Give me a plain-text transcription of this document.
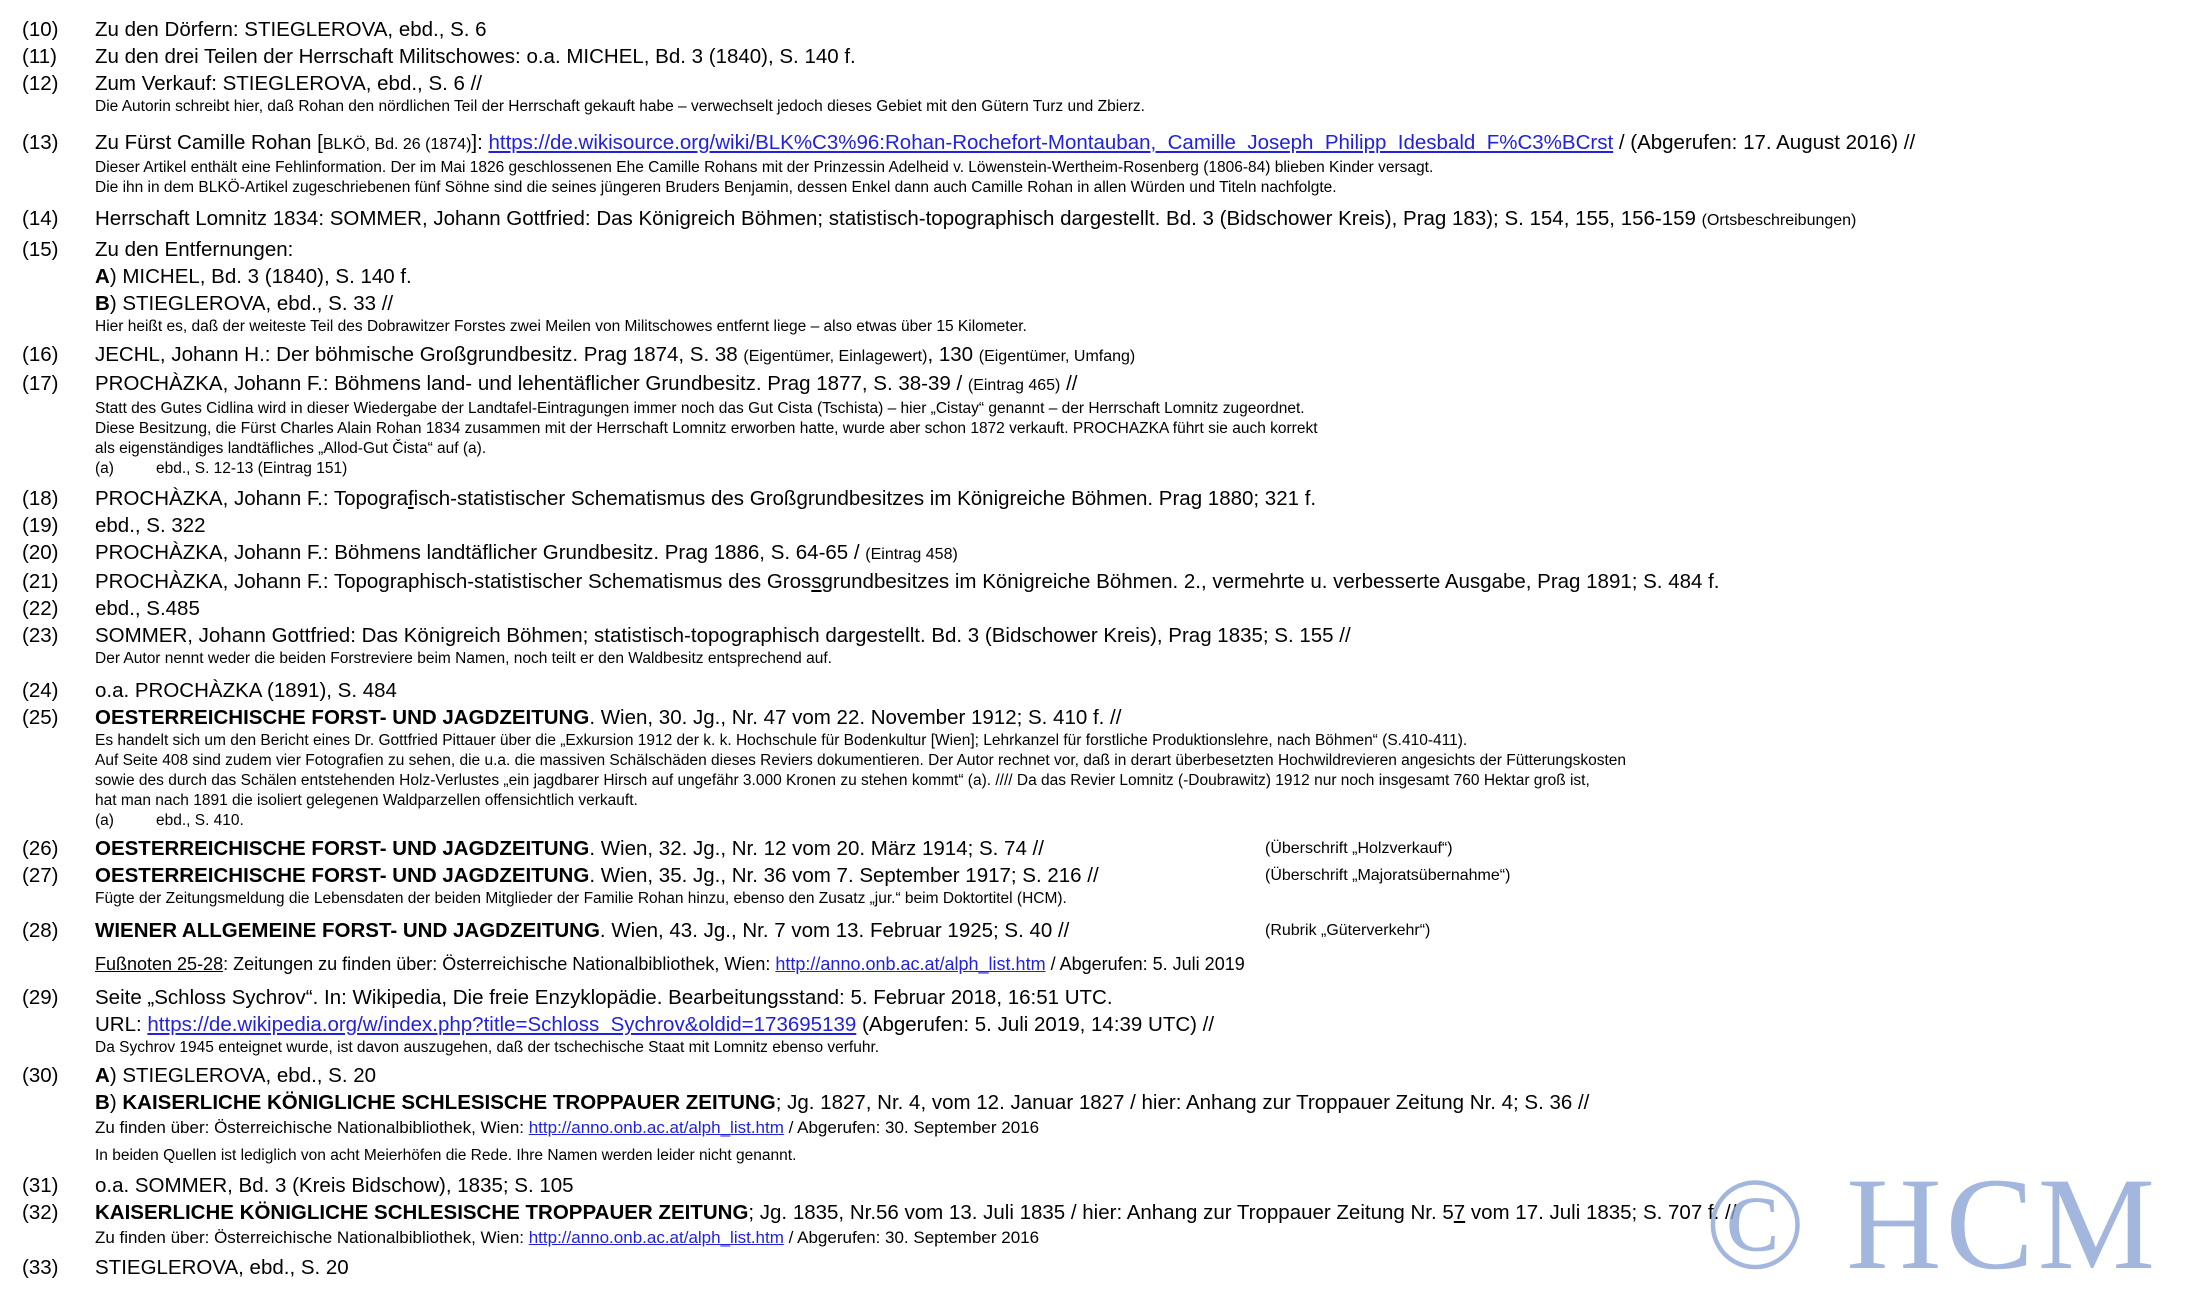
(10) Zu den Dörfern: STIEGLEROVA, ebd., S. 6
(11) Zu den drei Teilen der Herrschaft Militschowes: o.a. MICHEL, Bd. 3 (1840), S. 140 f.
(12) Zum Verkauf: STIEGLEROVA, ebd., S. 6 //
Die Autorin schreibt hier, daß Rohan den nördlichen Teil der Herrschaft gekauft habe – verwechselt jedoch dieses Gebiet mit den Gütern Turz und Zbierz.
(13) Zu Fürst Camille Rohan [BLKÖ, Bd. 26 (1874)]: https://de.wikisource.org/wiki/BLK%C3%96:Rohan-Rochefort-Montauban,_Camille_Joseph_Philipp_Idesbald_F%C3%BCrst / (Abgerufen: 17. August 2016) //
Dieser Artikel enthält eine Fehlinformation. Der im Mai 1826 geschlossenen Ehe Camille Rohans mit der Prinzessin Adelheid v. Löwenstein-Wertheim-Rosenberg (1806-84) blieben Kinder versagt.
Die ihn in dem BLKÖ-Artikel zugeschriebenen fünf Söhne sind die seines jüngeren Bruders Benjamin, dessen Enkel dann auch Camille Rohan in allen Würden und Titeln nachfolgte.
(14) Herrschaft Lomnitz 1834: SOMMER, Johann Gottfried: Das Königreich Böhmen; statistisch-topographisch dargestellt. Bd. 3 (Bidschower Kreis), Prag 183); S. 154, 155, 156-159 (Ortsbeschreibungen)
(15) Zu den Entfernungen:
A) MICHEL, Bd. 3 (1840), S. 140 f.
B) STIEGLEROVA, ebd., S. 33 //
Hier heißt es, daß der weiteste Teil des Dobrawitzer Forstes zwei Meilen von Militschowes entfernt liege – also etwas über 15 Kilometer.
(16) JECHL, Johann H.: Der böhmische Großgrundbesitz. Prag 1874, S. 38 (Eigentümer, Einlagewert), 130 (Eigentümer, Umfang)
(17) PROCHÀZKA, Johann F.: Böhmens land- und lehentäflicher Grundbesitz. Prag 1877, S. 38-39 / (Eintrag 465) //
Statt des Gutes Cidlina wird in dieser Wiedergabe der Landtafel-Eintragungen immer noch das Gut Cista (Tschista) – hier „Cistay“ genannt – der Herrschaft Lomnitz zugeordnet.
Diese Besitzung, die Fürst Charles Alain Rohan 1834 zusammen mit der Herrschaft Lomnitz erworben hatte, wurde aber schon 1872 verkauft. PROCHAZKA führt sie auch korrekt
als eigenständiges landtäfliches „Allod-Gut Čista“ auf (a).
(a)	ebd., S. 12-13 (Eintrag 151)
(18) PROCHÀZKA, Johann F.: Topografisch-statistischer Schematismus des Großgrundbesitzes im Königreiche Böhmen. Prag 1880; 321 f.
(19) ebd., S. 322
(20) PROCHÀZKA, Johann F.: Böhmens landtäflicher Grundbesitz. Prag 1886, S. 64-65 / (Eintrag 458)
(21) PROCHÀZKA, Johann F.: Topographisch-statistischer Schematismus des Grossgrundbesitzes im Königreiche Böhmen. 2., vermehrte u. verbesserte Ausgabe, Prag 1891; S. 484 f.
(22) ebd., S.485
(23) SOMMER, Johann Gottfried: Das Königreich Böhmen; statistisch-topographisch dargestellt. Bd. 3 (Bidschower Kreis), Prag 1835; S. 155 //
Der Autor nennt weder die beiden Forstreviere beim Namen, noch teilt er den Waldbesitz entsprechend auf.
(24) o.a. PROCHÀZKA (1891), S. 484
(25) OESTERREICHISCHE FORST- UND JAGDZEITUNG. Wien, 30. Jg., Nr. 47 vom 22. November 1912; S. 410 f. //
Es handelt sich um den Bericht eines Dr. Gottfried Pittauer über die „Exkursion 1912 der k. k. Hochschule für Bodenkultur [Wien]; Lehrkanzel für forstliche Produktionslehre, nach Böhmen“ (S.410-411).
Auf Seite 408 sind zudem vier Fotografien zu sehen, die u.a. die massiven Schälschäden dieses Reviers dokumentieren. Der Autor rechnet vor, daß in derart überbesetzten Hochwildrevieren angesichts der Fütterungskosten
sowie des durch das Schälen entstehenden Holz-Verlustes „ein jagdbarer Hirsch auf ungefähr 3.000 Kronen zu stehen kommt“ (a). //// Da das Revier Lomnitz (-Doubrawitz) 1912 nur noch insgesamt 760 Hektar groß ist,
hat man nach 1891 die isoliert gelegenen Waldparzellen offensichtlich verkauft.
(a)	ebd., S. 410.
(26) OESTERREICHISCHE FORST- UND JAGDZEITUNG. Wien, 32. Jg., Nr. 12 vom 20. März 1914; S. 74 //	(Überschrift „Holzverkauf“)
(27) OESTERREICHISCHE FORST- UND JAGDZEITUNG. Wien, 35. Jg., Nr. 36 vom 7. September 1917; S. 216 //	(Überschrift „Majoratsübernahme“)
Fügte der Zeitungsmeldung die Lebensdaten der beiden Mitglieder der Familie Rohan hinzu, ebenso den Zusatz „jur.“ beim Doktortitel (HCM).
(28) WIENER ALLGEMEINE FORST- UND JAGDZEITUNG. Wien, 43. Jg., Nr. 7 vom 13. Februar 1925; S. 40 //	(Rubrik „Güterverkehr“)
Fußnoten 25-28: Zeitungen zu finden über: Österreichische Nationalbibliothek, Wien: http://anno.onb.ac.at/alph_list.htm / Abgerufen: 5. Juli 2019
(29) Seite „Schloss Sychrov“. In: Wikipedia, Die freie Enzyklopädie. Bearbeitungsstand: 5. Februar 2018, 16:51 UTC.
URL: https://de.wikipedia.org/w/index.php?title=Schloss_Sychrov&oldid=173695139 (Abgerufen: 5. Juli 2019, 14:39 UTC) //
Da Sychrov 1945 enteignet wurde, ist davon auszugehen, daß der tschechische Staat mit Lomnitz ebenso verfuhr.
(30) A) STIEGLEROVA, ebd., S. 20
B) KAISERLICHE KÖNIGLICHE SCHLESISCHE TROPPAUER ZEITUNG; Jg. 1827, Nr. 4, vom 12. Januar 1827 / hier: Anhang zur Troppauer Zeitung Nr. 4; S. 36 //
Zu finden über: Österreichische Nationalbibliothek, Wien: http://anno.onb.ac.at/alph_list.htm / Abgerufen: 30. September 2016
In beiden Quellen ist lediglich von acht Meierhöfen die Rede. Ihre Namen werden leider nicht genannt.
(31) o.a. SOMMER, Bd. 3 (Kreis Bidschow), 1835; S. 105
(32) KAISERLICHE KÖNIGLICHE SCHLESISCHE TROPPAUER ZEITUNG; Jg. 1835, Nr.56 vom 13. Juli 1835 / hier: Anhang zur Troppauer Zeitung Nr. 57 vom 17. Juli 1835; S. 707 f. //
Zu finden über: Österreichische Nationalbibliothek, Wien: http://anno.onb.ac.at/alph_list.htm / Abgerufen: 30. September 2016
(33) STIEGLEROVA, ebd., S. 20	© HCM
